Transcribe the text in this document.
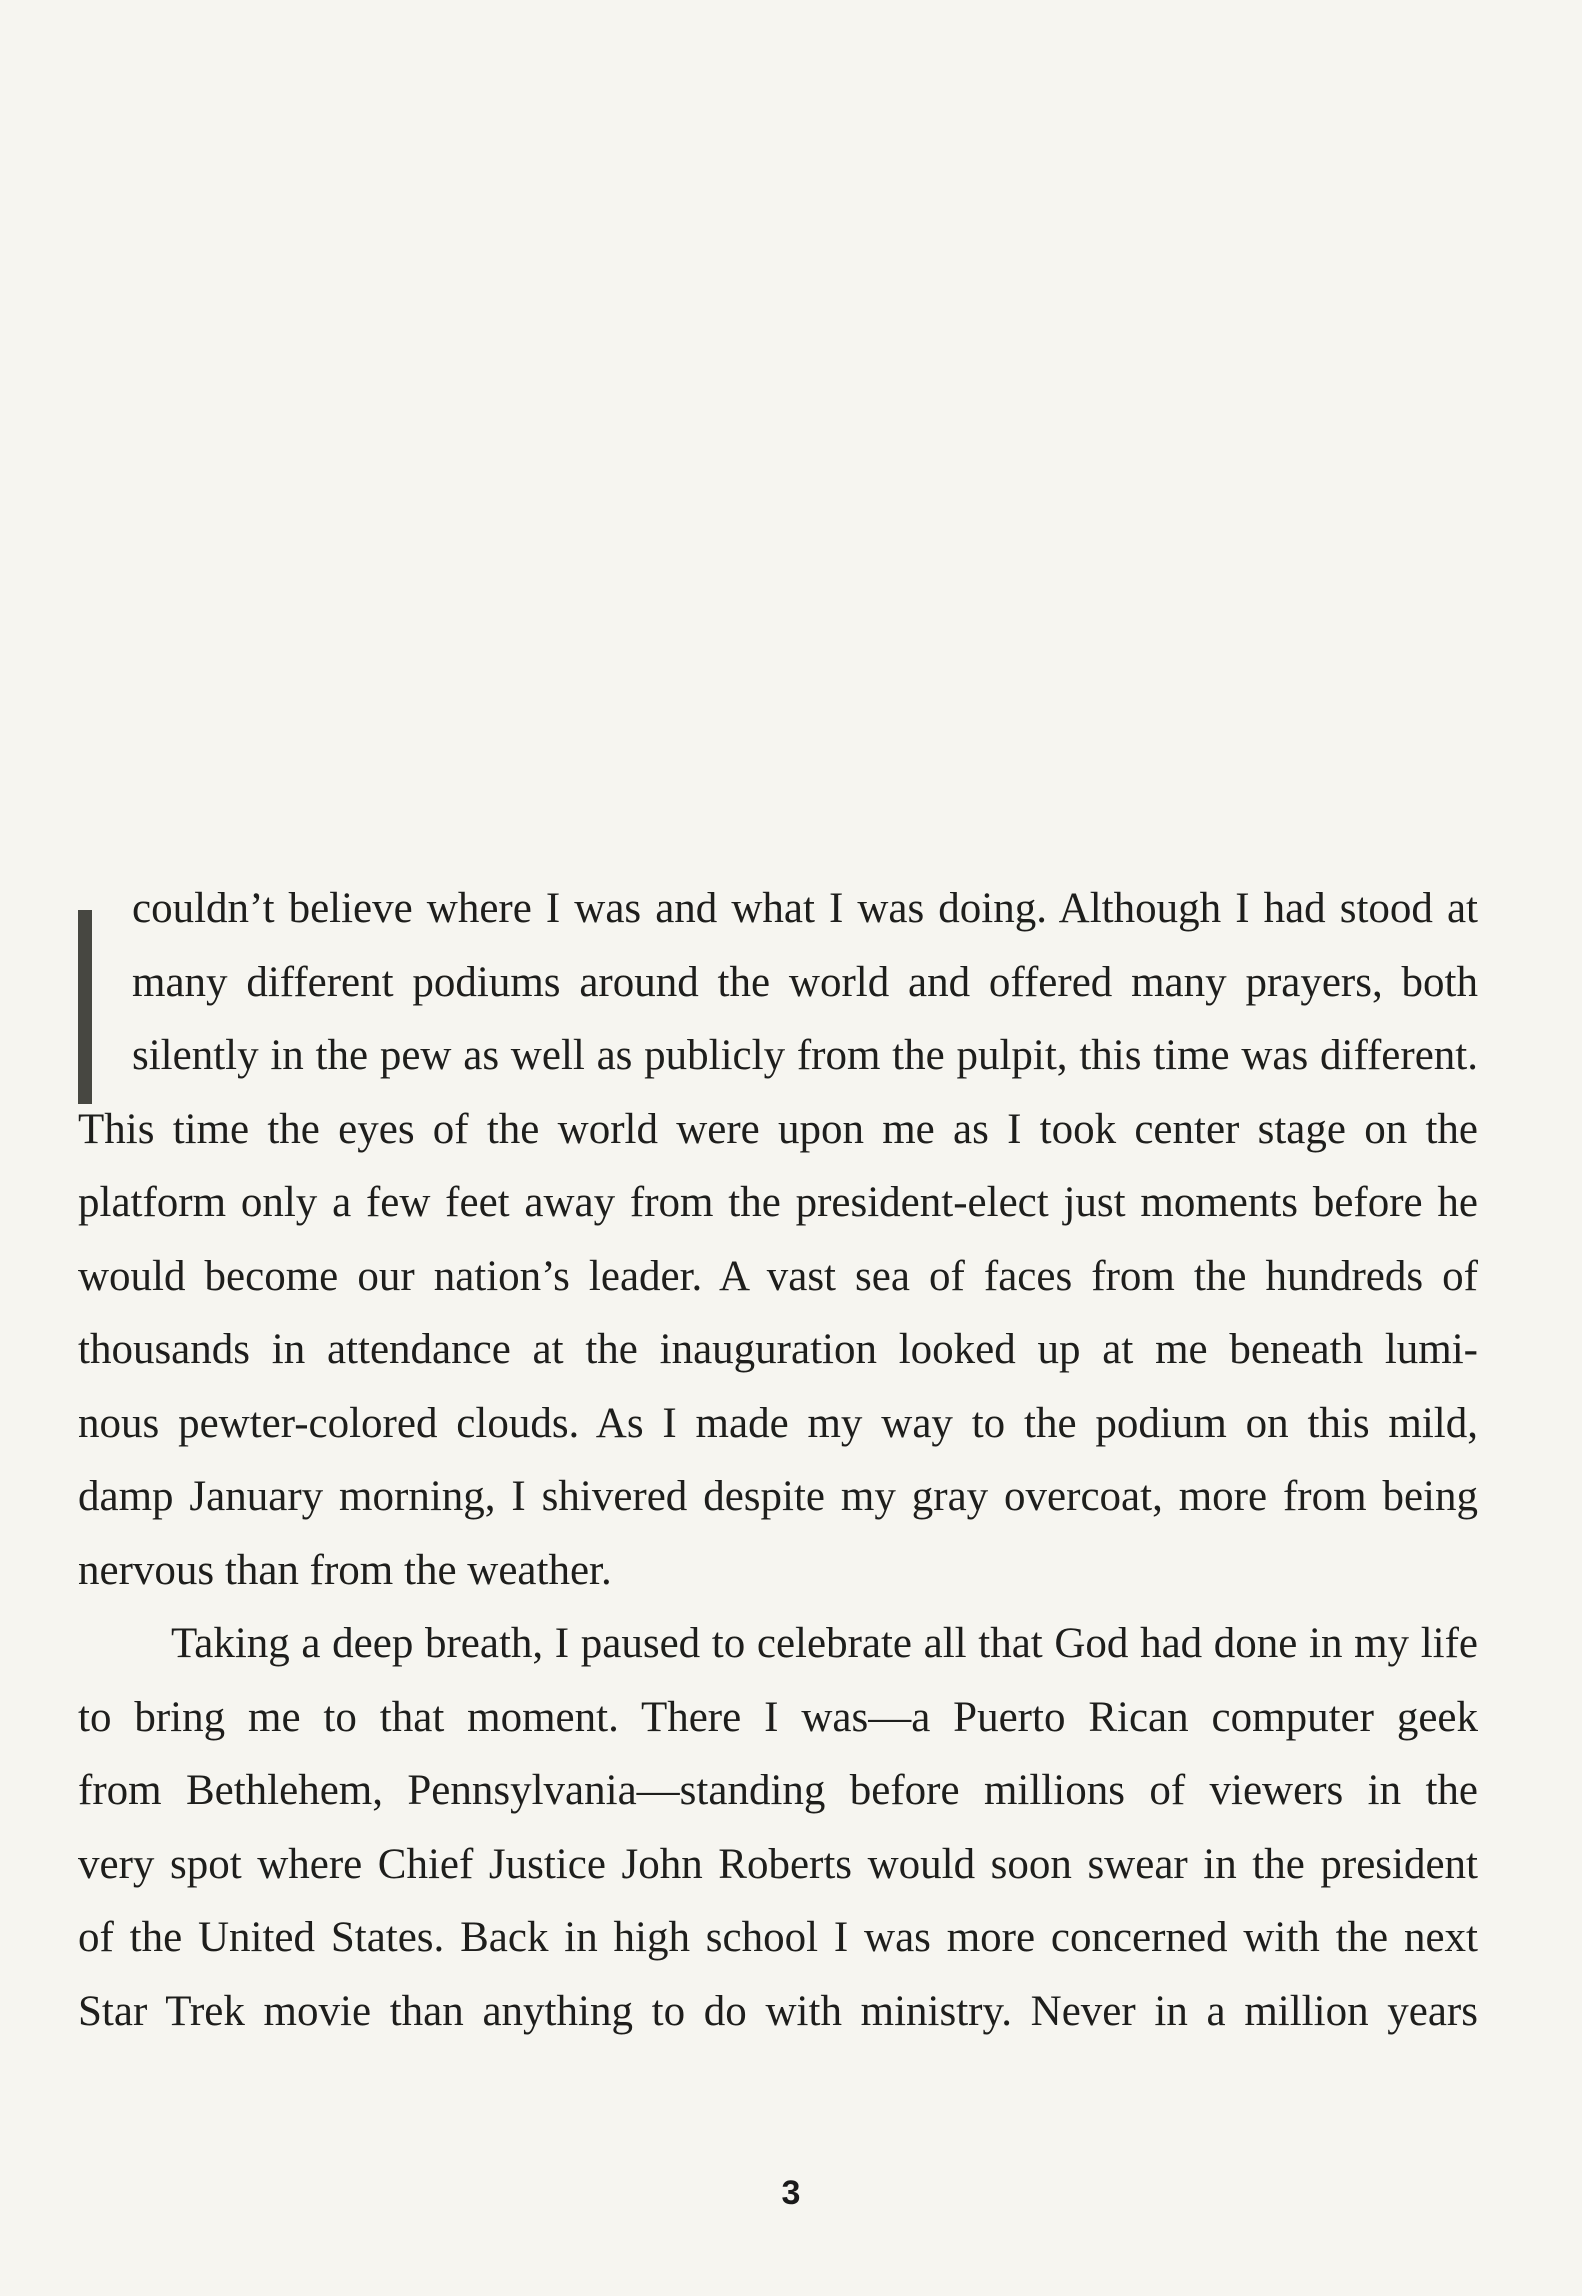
couldn’t believe where I was and what I was doing. Although I had stood at
many different podiums around the world and offered many prayers, both
silently in the pew as well as publicly from the pulpit, this time was different.
This time the eyes of the world were upon me as I took center stage on the
platform only a few feet away from the president-elect just moments before he
would become our nation’s leader. A vast sea of faces from the hundreds of
thousands in attendance at the inauguration looked up at me beneath lumi-
nous pewter-colored clouds. As I made my way to the podium on this mild,
damp January morning, I shivered despite my gray overcoat, more from being
nervous than from the weather.
Taking a deep breath, I paused to celebrate all that God had done in my life
to bring me to that moment. There I was—a Puerto Rican computer geek
from Bethlehem, Pennsylvania—standing before millions of viewers in the
very spot where Chief Justice John Roberts would soon swear in the president
of the United States. Back in high school I was more concerned with the next
Star Trek movie than anything to do with ministry. Never in a million years
3
